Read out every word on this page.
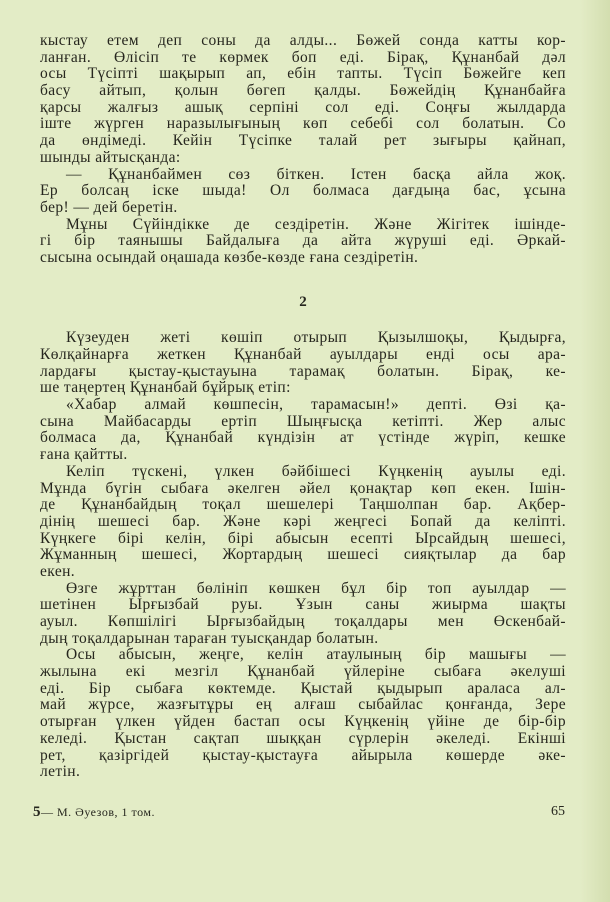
кыстау етем деп соны да алды... Бөжей сонда катты кор-
ланған. Өлісіп те көрмек боп еді. Бірақ, Құнанбай дәл
осы Түсіпті шақырып ап, ебін тапты. Түсіп Бөжейге кеп
басу айтып, қолын бөгеп қалды. Бөжейдің Құнанбайға
қарсы жалғыз ашық серпіні сол еді. Соңғы жылдарда
іште жүрген наразылығының көп себебі сол болатын. Со
да өндімеді. Кейін Түсіпке талай рет зығыры қайнап,
шынды айтысқанда:
— Құнанбаймен сөз біткен. Істен басқа айла жоқ.
Ер болсаң іске шыда! Ол болмаса дағдыңа бас, ұсына
бер! — дей беретін.
Мұны Сүйіндікке де сездіретін. Және Жігітек ішінде-
гі бір таянышы Байдалыға да айта жүруші еді. Әркай-
сысына осындай оңашада көзбе-көзде ғана сездіретін.
2
Күзеуден жеті көшіп отырып Қызылшоқы, Қыдырға,
Көлқайнарға жеткен Құнанбай ауылдары енді осы ара-
лардағы қыстау-қыстауына тарамақ болатын. Бірақ, ке-
ше таңертең Құнанбай бұйрық етіп:
«Хабар алмай көшпесін, тарамасын!» депті. Өзі қа-
сына Майбасарды ертіп Шыңғысқа кетіпті. Жер алыс
болмаса да, Құнанбай күндізін ат үстінде жүріп, кешке
ғана қайтты.
Келіп түскені, үлкен бәйбішесі Күңкенің ауылы еді.
Мұнда бүгін сыбаға әкелген әйел қонақтар көп екен. Ішін-
де Құнанбайдың тоқал шешелері Таңшолпан бар. Ақбер-
дінің шешесі бар. Және кәрі жеңгесі Бопай да келіпті.
Күңкеге бірі келін, бірі абысын есепті Ырсайдың шешесі,
Жұманның шешесі, Жортардың шешесі сияқтылар да бар
екен.
Өзге жұрттан бөлініп көшкен бұл бір топ ауылдар —
шетінен Ырғызбай руы. Ұзын саны жиырма шақты
ауыл. Көпшілігі Ырғызбайдың тоқалдары мен Өскенбай-
дың тоқалдарынан тараған туысқандар болатын.
Осы абысын, жеңге, келін атаулының бір машығы —
жылына екі мезгіл Құнанбай үйлеріне сыбаға әкелуші
еді. Бір сыбаға көктемде. Қыстай қыдырып араласа ал-
май жүрсе, жазғытұры ең алғаш сыбайлас қонғанда, Зере
отырған үлкен үйден бастап осы Күңкенің үйіне де бір-бір
келеді. Қыстан сақтап шыққан сүрлерін әкеледі. Екінші
рет, қазіргідей қыстау-қыстауға айырыла көшерде әке-
летін.
5— М. Әуезов, 1 том.	65
